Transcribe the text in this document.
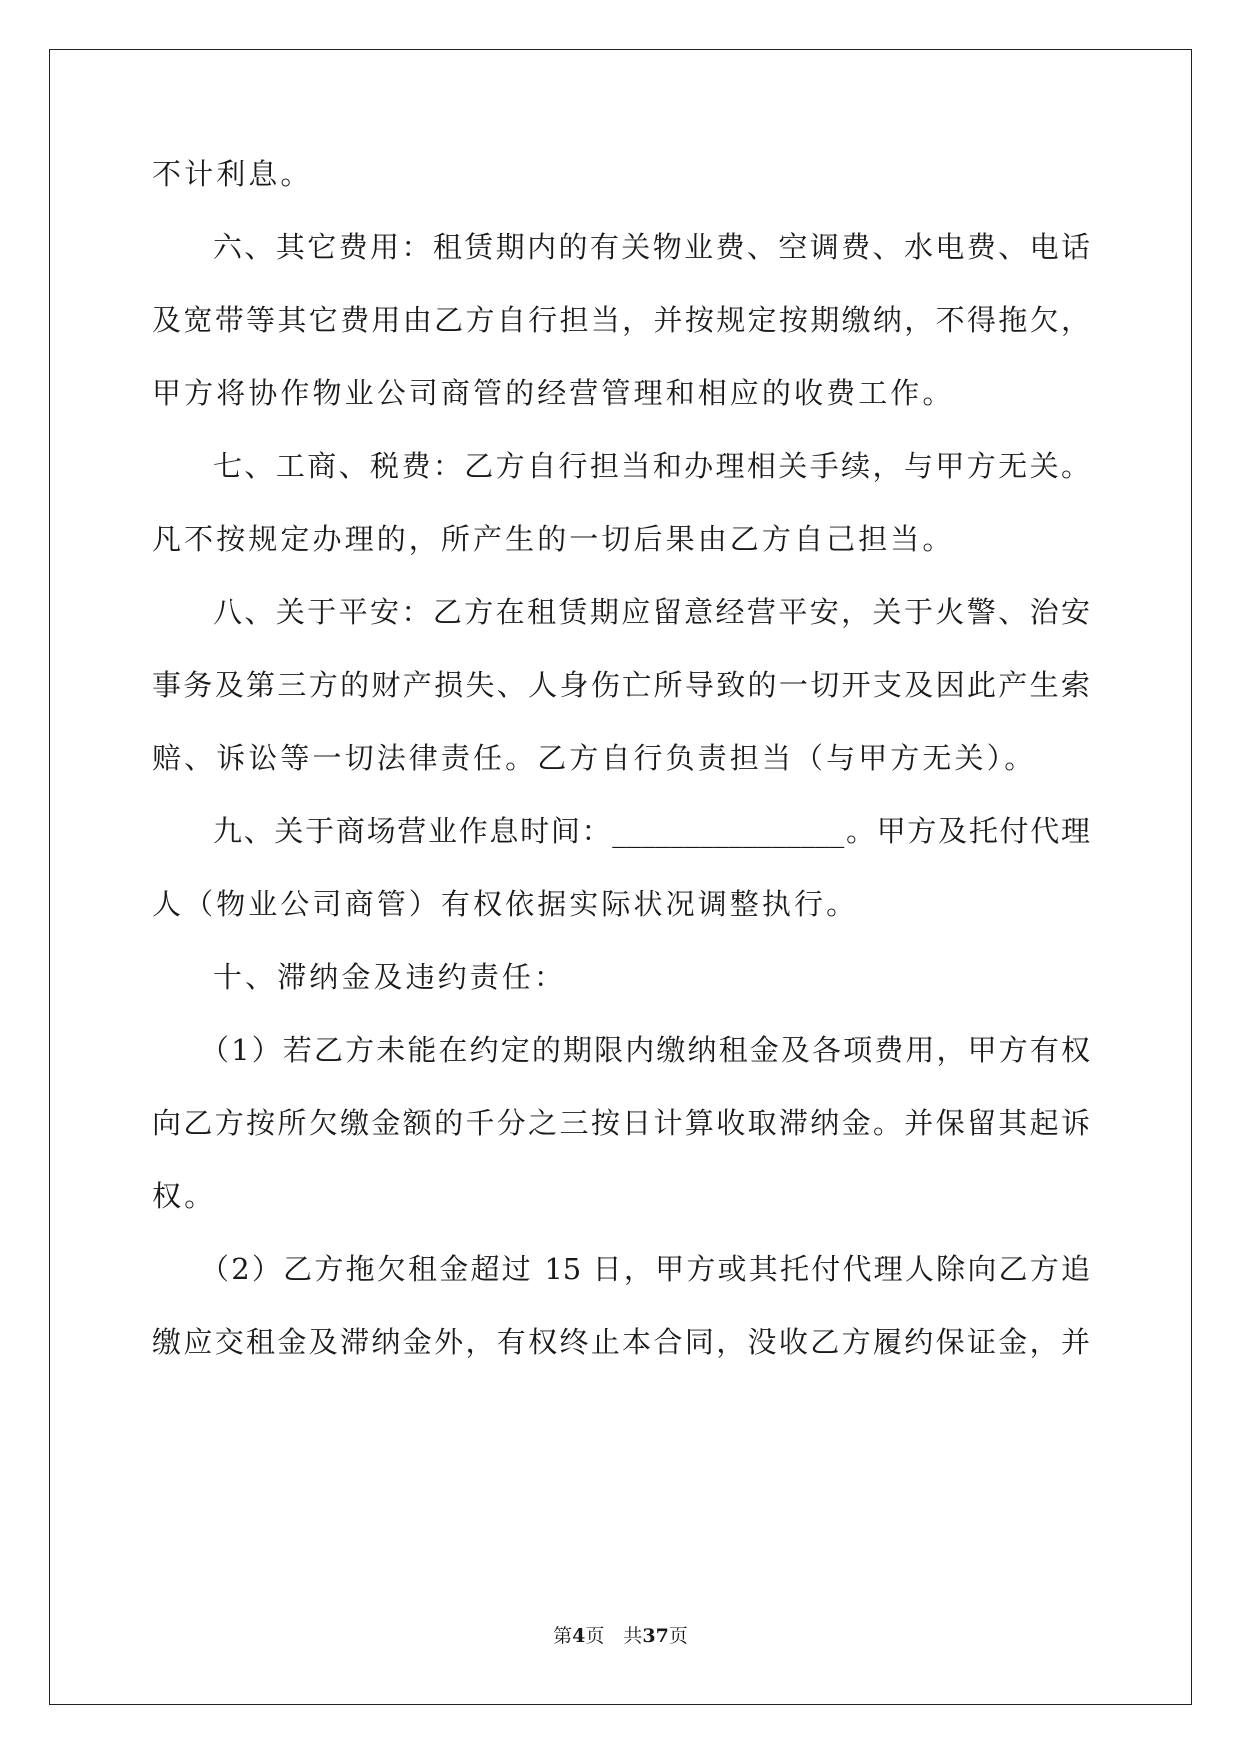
不计利息。
六、其它费用：租赁期内的有关物业费、空调费、水电费、电话
及宽带等其它费用由乙方自行担当，并按规定按期缴纳，不得拖欠，
甲方将协作物业公司商管的经营管理和相应的收费工作。
七、工商、税费：乙方自行担当和办理相关手续，与甲方无关。
凡不按规定办理的，所产生的一切后果由乙方自己担当。
八、关于平安：乙方在租赁期应留意经营平安，关于火警、治安
事务及第三方的财产损失、人身伤亡所导致的一切开支及因此产生索
赔、诉讼等一切法律责任。乙方自行负责担当（与甲方无关）。
九、关于商场营业作息时间：________________。甲方及托付代理
人（物业公司商管）有权依据实际状况调整执行。
十、滞纳金及违约责任：
（1）若乙方未能在约定的期限内缴纳租金及各项费用，甲方有权
向乙方按所欠缴金额的千分之三按日计算收取滞纳金。并保留其起诉
权。
（2）乙方拖欠租金超过 15 日，甲方或其托付代理人除向乙方追
缴应交租金及滞纳金外，有权终止本合同，没收乙方履约保证金，并
第4页　共37页
